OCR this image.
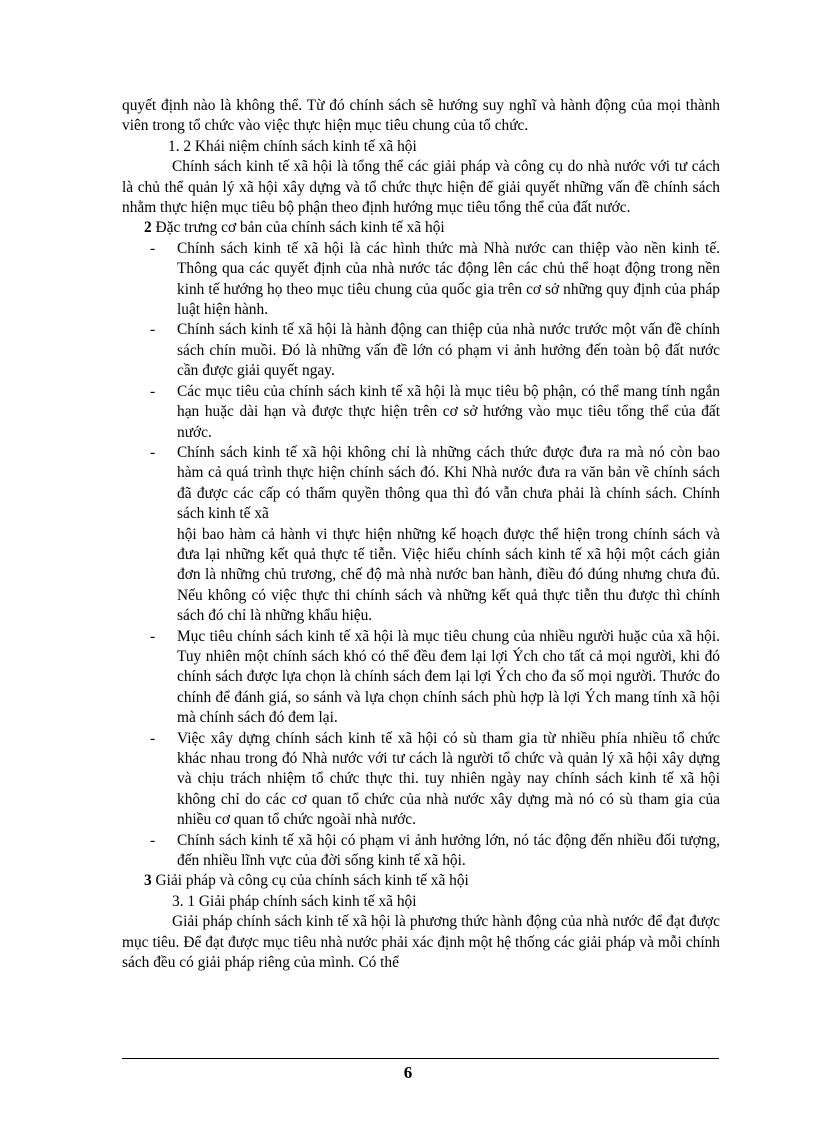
quyết định nào là không thể. Từ đó chính sách sẽ hướng suy nghĩ và hành động của mọi thành viên trong tổ chức vào việc thực hiện mục tiêu chung của tổ chức.

1. 2 Khái niệm chính sách kinh tế xã hội

Chính sách kinh tế xã hội là tổng thể các giải pháp và công cụ do nhà nước với tư cách là chủ thể quản lý xã hội xây dựng và tổ chức thực hiện để giải quyết những vấn đề chính sách nhằm thực hiện mục tiêu bộ phận theo định hướng mục tiêu tổng thể của đất nước.

2 Đặc trưng cơ bản của chính sách kinh tế xã hội

- Chính sách kinh tế xã hội là các hình thức mà Nhà nước can thiệp vào nền kinh tế. Thông qua các quyết định của nhà nước tác động lên các chủ thể hoạt động trong nền kinh tế hướng họ theo mục tiêu chung của quốc gia trên cơ sở những quy định của pháp luật hiện hành.
- Chính sách kinh tế xã hội là hành động can thiệp của nhà nước trước một vấn đề chính sách chín muồi. Đó là những vấn đề lớn có phạm vi ảnh hưởng đến toàn bộ đất nước cần được giải quyết ngay.
- Các mục tiêu của chính sách kinh tế xã hội là mục tiêu bộ phận, có thể mang tính ngắn hạn huặc dài hạn và được thực hiện trên cơ sở hướng vào mục tiêu tổng thể của đất nước.
- Chính sách kinh tế xã hội không chỉ là những cách thức được đưa ra mà nó còn bao hàm cả quá trình thực hiện chính sách đó. Khi Nhà nước đưa ra văn bản về chính sách đã được các cấp có thẩm quyền thông qua thì đó vẫn chưa phải là chính sách. Chính sách kinh tế xã

hội bao hàm cả hành vi thực hiện những kế hoạch được thể hiện trong chính sách và đưa lại những kết quả thực tế tiễn. Việc hiểu chính sách kinh tế xã hội một cách giản đơn là những chủ trương, chế độ mà nhà nước ban hành, điều đó đúng nhưng chưa đủ. Nếu không có việc thực thi chính sách và những kết quả thực tiễn thu được thì chính sách đó chỉ là những khẩu hiệu.

- Mục tiêu chính sách kinh tế xã hội là mục tiêu chung của nhiều người huặc của xã hội. Tuy nhiên một chính sách khó có thể đều đem lại lợi Ých cho tất cả mọi người, khi đó chính sách được lựa chọn là chính sách đem lại lợi Ých cho đa số mọi người. Thước đo chính để đánh giá, so sánh và lựa chọn chính sách phù hợp là lợi Ých mang tính xã hội mà chính sách đó đem lại.
- Việc xây dựng chính sách kinh tế xã hội có sù tham gia từ nhiều phía nhiều tổ chức khác nhau trong đó Nhà nước với tư cách là người tổ chức và quản lý xã hội xây dựng và chịu trách nhiệm tổ chức thực thi. tuy nhiên ngày nay chính sách kinh tế xã hội không chỉ do các cơ quan tổ chức của nhà nước xây dựng mà nó có sù tham gia của nhiều cơ quan tổ chức ngoài nhà nước.
- Chính sách kinh tế xã hội có phạm vi ảnh hưởng lớn, nó tác động đến nhiều đối tượng, đến nhiều lĩnh vực của đời sống kinh tế xã hội.

3 Giải pháp và công cụ của chính sách kinh tế xã hội

3. 1 Giải pháp chính sách kinh tế xã hội

Giải pháp chính sách kinh tế xã hội là phương thức hành động của nhà nước để đạt được mục tiêu. Để đạt được mục tiêu nhà nước phải xác định một hệ thống các giải pháp và mỗi chính sách đều có giải pháp riêng của mình. Có thể

6
